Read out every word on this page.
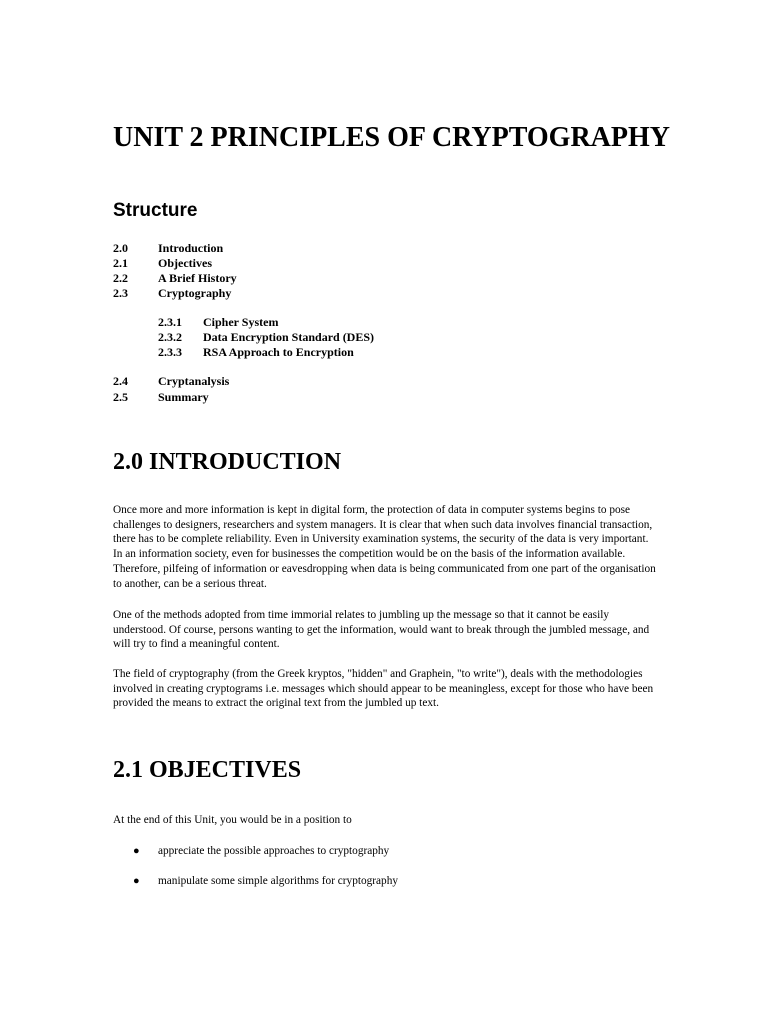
UNIT 2 PRINCIPLES OF CRYPTOGRAPHY
Structure
2.0	Introduction
2.1	Objectives
2.2	A Brief History
2.3	Cryptography
2.3.1 Cipher System
2.3.2 Data Encryption Standard (DES)
2.3.3 RSA Approach to Encryption
2.4	Cryptanalysis
2.5	Summary
2.0 INTRODUCTION

Once more and more information is kept in digital form, the protection of data in computer systems begins to pose challenges to designers, researchers and system managers. It is clear that when such data involves financial transaction, there has to be complete reliability. Even in University examination systems, the security of the data is very important. In an information society, even for businesses the competition would be on the basis of the information available. Therefore, pilfeing of information or eavesdropping when data is being communicated from one part of the organisation to another, can be a serious threat.

One of the methods adopted from time immorial relates to jumbling up the message so that it cannot be easily understood. Of course, persons wanting to get the information, would want to break through the jumbled message, and will try to find a meaningful content.

The field of cryptography (from the Greek kryptos, "hidden" and Graphein, "to write"), deals with the methodologies involved in creating cryptograms i.e. messages which should appear to be meaningless, except for those who have been provided the means to extract the original text from the jumbled up text.

2.1 OBJECTIVES

At the end of this Unit, you would be in a position to

● appreciate the possible approaches to cryptography
● manipulate some simple algorithms for cryptography
